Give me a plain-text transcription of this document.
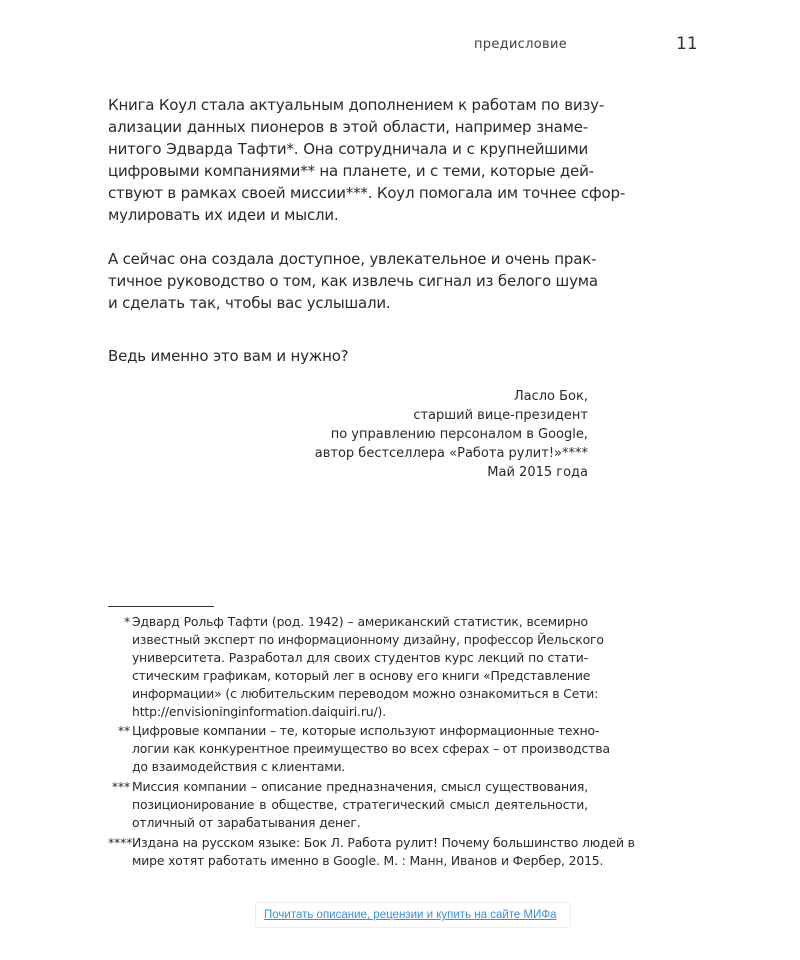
предисловие	11
Книга Коул стала актуальным дополнением к работам по визу-
ализации данных пионеров в этой области, например знаме-
нитого Эдварда Тафти*. Она сотрудничала и с крупнейшими
цифровыми компаниями** на планете, и с теми, которые дей-
ствуют в рамках своей миссии***. Коул помогала им точнее сфор-
мулировать их идеи и мысли.
А сейчас она создала доступное, увлекательное и очень прак-
тичное руководство о том, как извлечь сигнал из белого шума
и сделать так, чтобы вас услышали.
Ведь именно это вам и нужно?
Ласло Бок,
старший вице-президент
по управлению персоналом в Google,
автор бестселлера «Работа рулит!»****
Май 2015 года
* Эдвард Рольф Тафти (род. 1942) – американский статистик, всемирно
известный эксперт по информационному дизайну, профессор Йельского
университета. Разработал для своих студентов курс лекций по стати-
стическим графикам, который лег в основу его книги «Представление
информации» (с любительским переводом можно ознакомиться в Сети:
http://envisioninginformation.daiquiri.ru/).
** Цифровые компании – те, которые используют информационные техно-
логии как конкурентное преимущество во всех сферах – от производства
до взаимодействия с клиентами.
*** Миссия компании – описание предназначения, смысл существования,
позиционирование в обществе, стратегический смысл деятельности,
отличный от зарабатывания денег.
**** Издана на русском языке: Бок Л. Работа рулит! Почему большинство людей в
мире хотят работать именно в Google. М. : Манн, Иванов и Фербер, 2015.
Почитать описание, рецензии и купить на сайте МИФа
